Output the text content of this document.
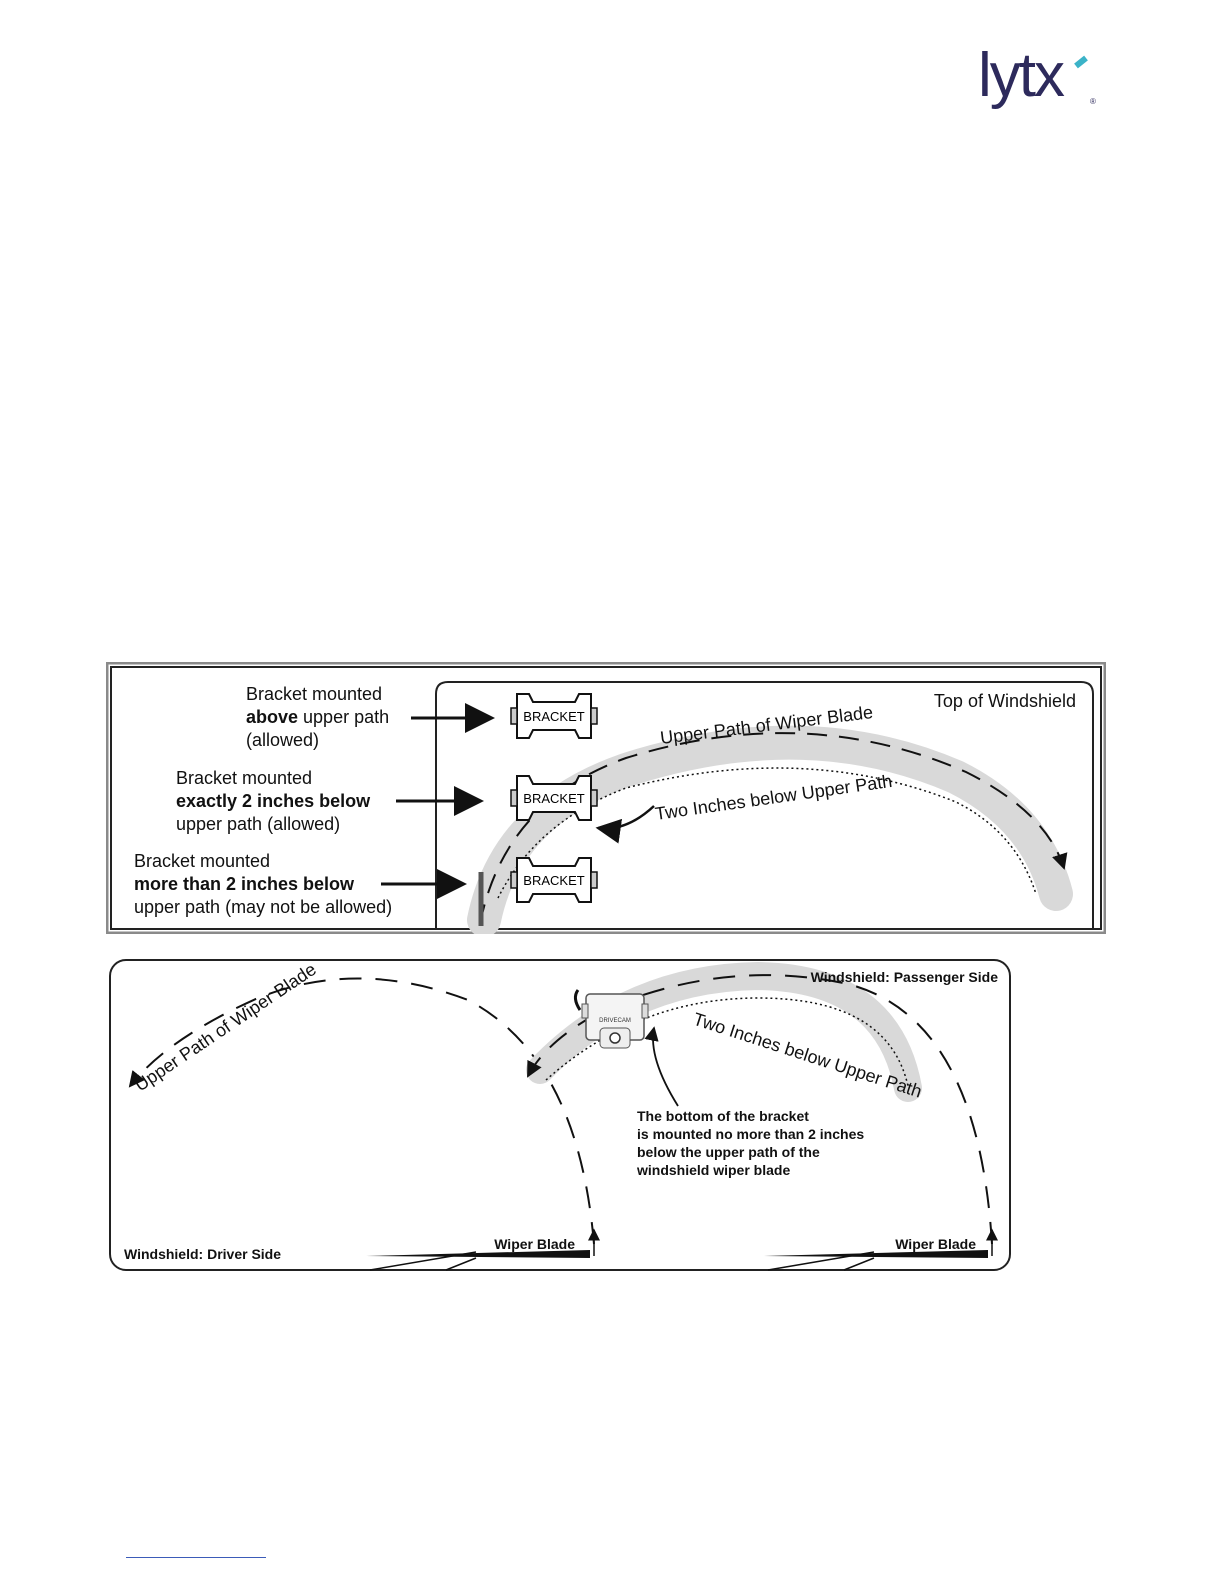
lytx	®
Top of Windshield
Upper Path of Wiper Blade
Two Inches below Upper Path
BRACKET
BRACKET
BRACKET
Bracket mounted
above upper path
(allowed)
Bracket mounted
exactly 2 inches below
upper path (allowed)
Bracket mounted
more than 2 inches below
upper path (may not be allowed)
Upper Path of Wiper Blade	Two Inches below Upper Path
DRIVECAM
The bottom of the bracket
is mounted no more than 2 inches
below the upper path of the
windshield wiper blade
Windshield: Passenger Side
Windshield: Driver Side
Wiper Blade	Wiper Blade
